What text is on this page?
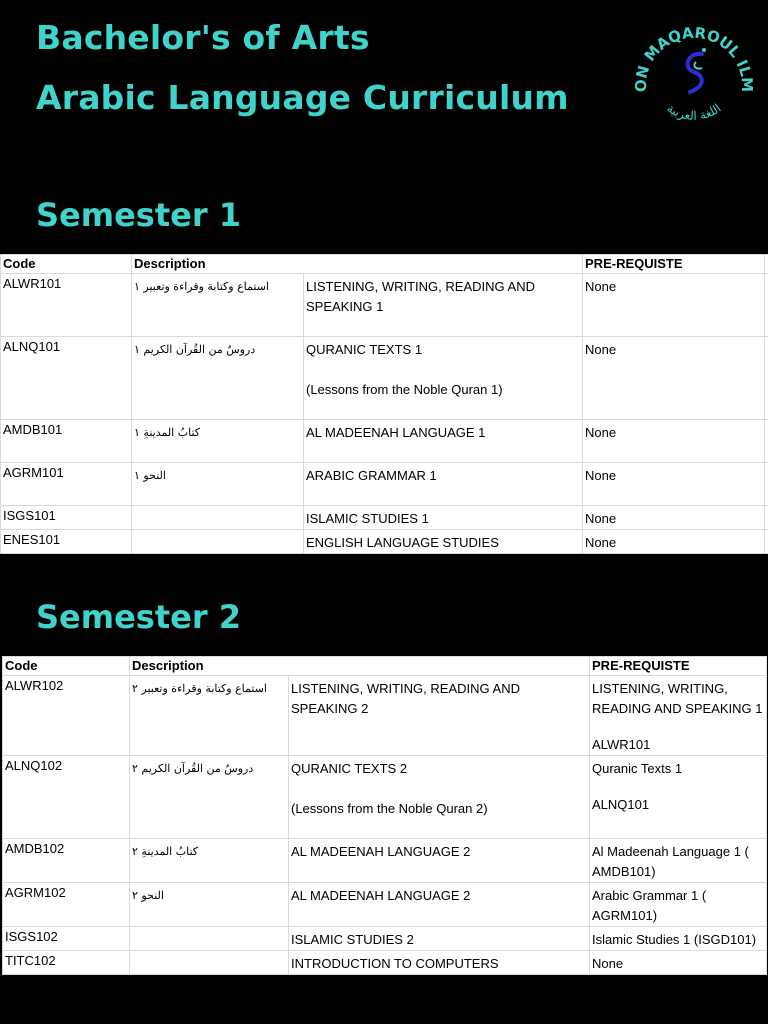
Bachelor's of Arts
Arabic Language Curriculum	ON MAQAROUL IL
اللغة العربية
Semester 1
Code	Description		PRE-REQUISTE	
ALWR101	استماع وكتابة وقراءة وتعبير ١	LISTENING, WRITING, READING AND SPEAKING 1	None	

ALNQ101	دروسٌ من القُرآن الكريم ١	QURANIC TEXTS 1
(Lessons from the Noble Quran 1)	None	

AMDB101	كتابُ المدينةِ ١	AL MADEENAH LANGUAGE 1	None	

AGRM101	النحو ١	ARABIC GRAMMAR 1	None	

ISGS101		ISLAMIC STUDIES 1	None	

ENES101		ENGLISH LANGUAGE STUDIES	None	

Semester 2
Code	Description		PRE-REQUISTE
ALWR102	استماع وكتابة وقراءة وتعبير ٢	LISTENING, WRITING, READING AND SPEAKING 2	LISTENING, WRITING, READING AND SPEAKING 1
ALWR101

ALNQ102	دروسٌ من القُرآن الكريم ٢	QURANIC TEXTS 2
(Lessons from the Noble Quran 2)	Quranic Texts 1
ALNQ101

AMDB102	كتابُ المدينةِ ٢	AL MADEENAH LANGUAGE 2	Al Madeenah Language 1 ( AMDB101)

AGRM102	النحو ٢	AL MADEENAH LANGUAGE 2	Arabic Grammar 1 ( AGRM101)

ISGS102		ISLAMIC STUDIES 2	Islamic Studies 1 (ISGD101)

TITC102		INTRODUCTION TO COMPUTERS	None
